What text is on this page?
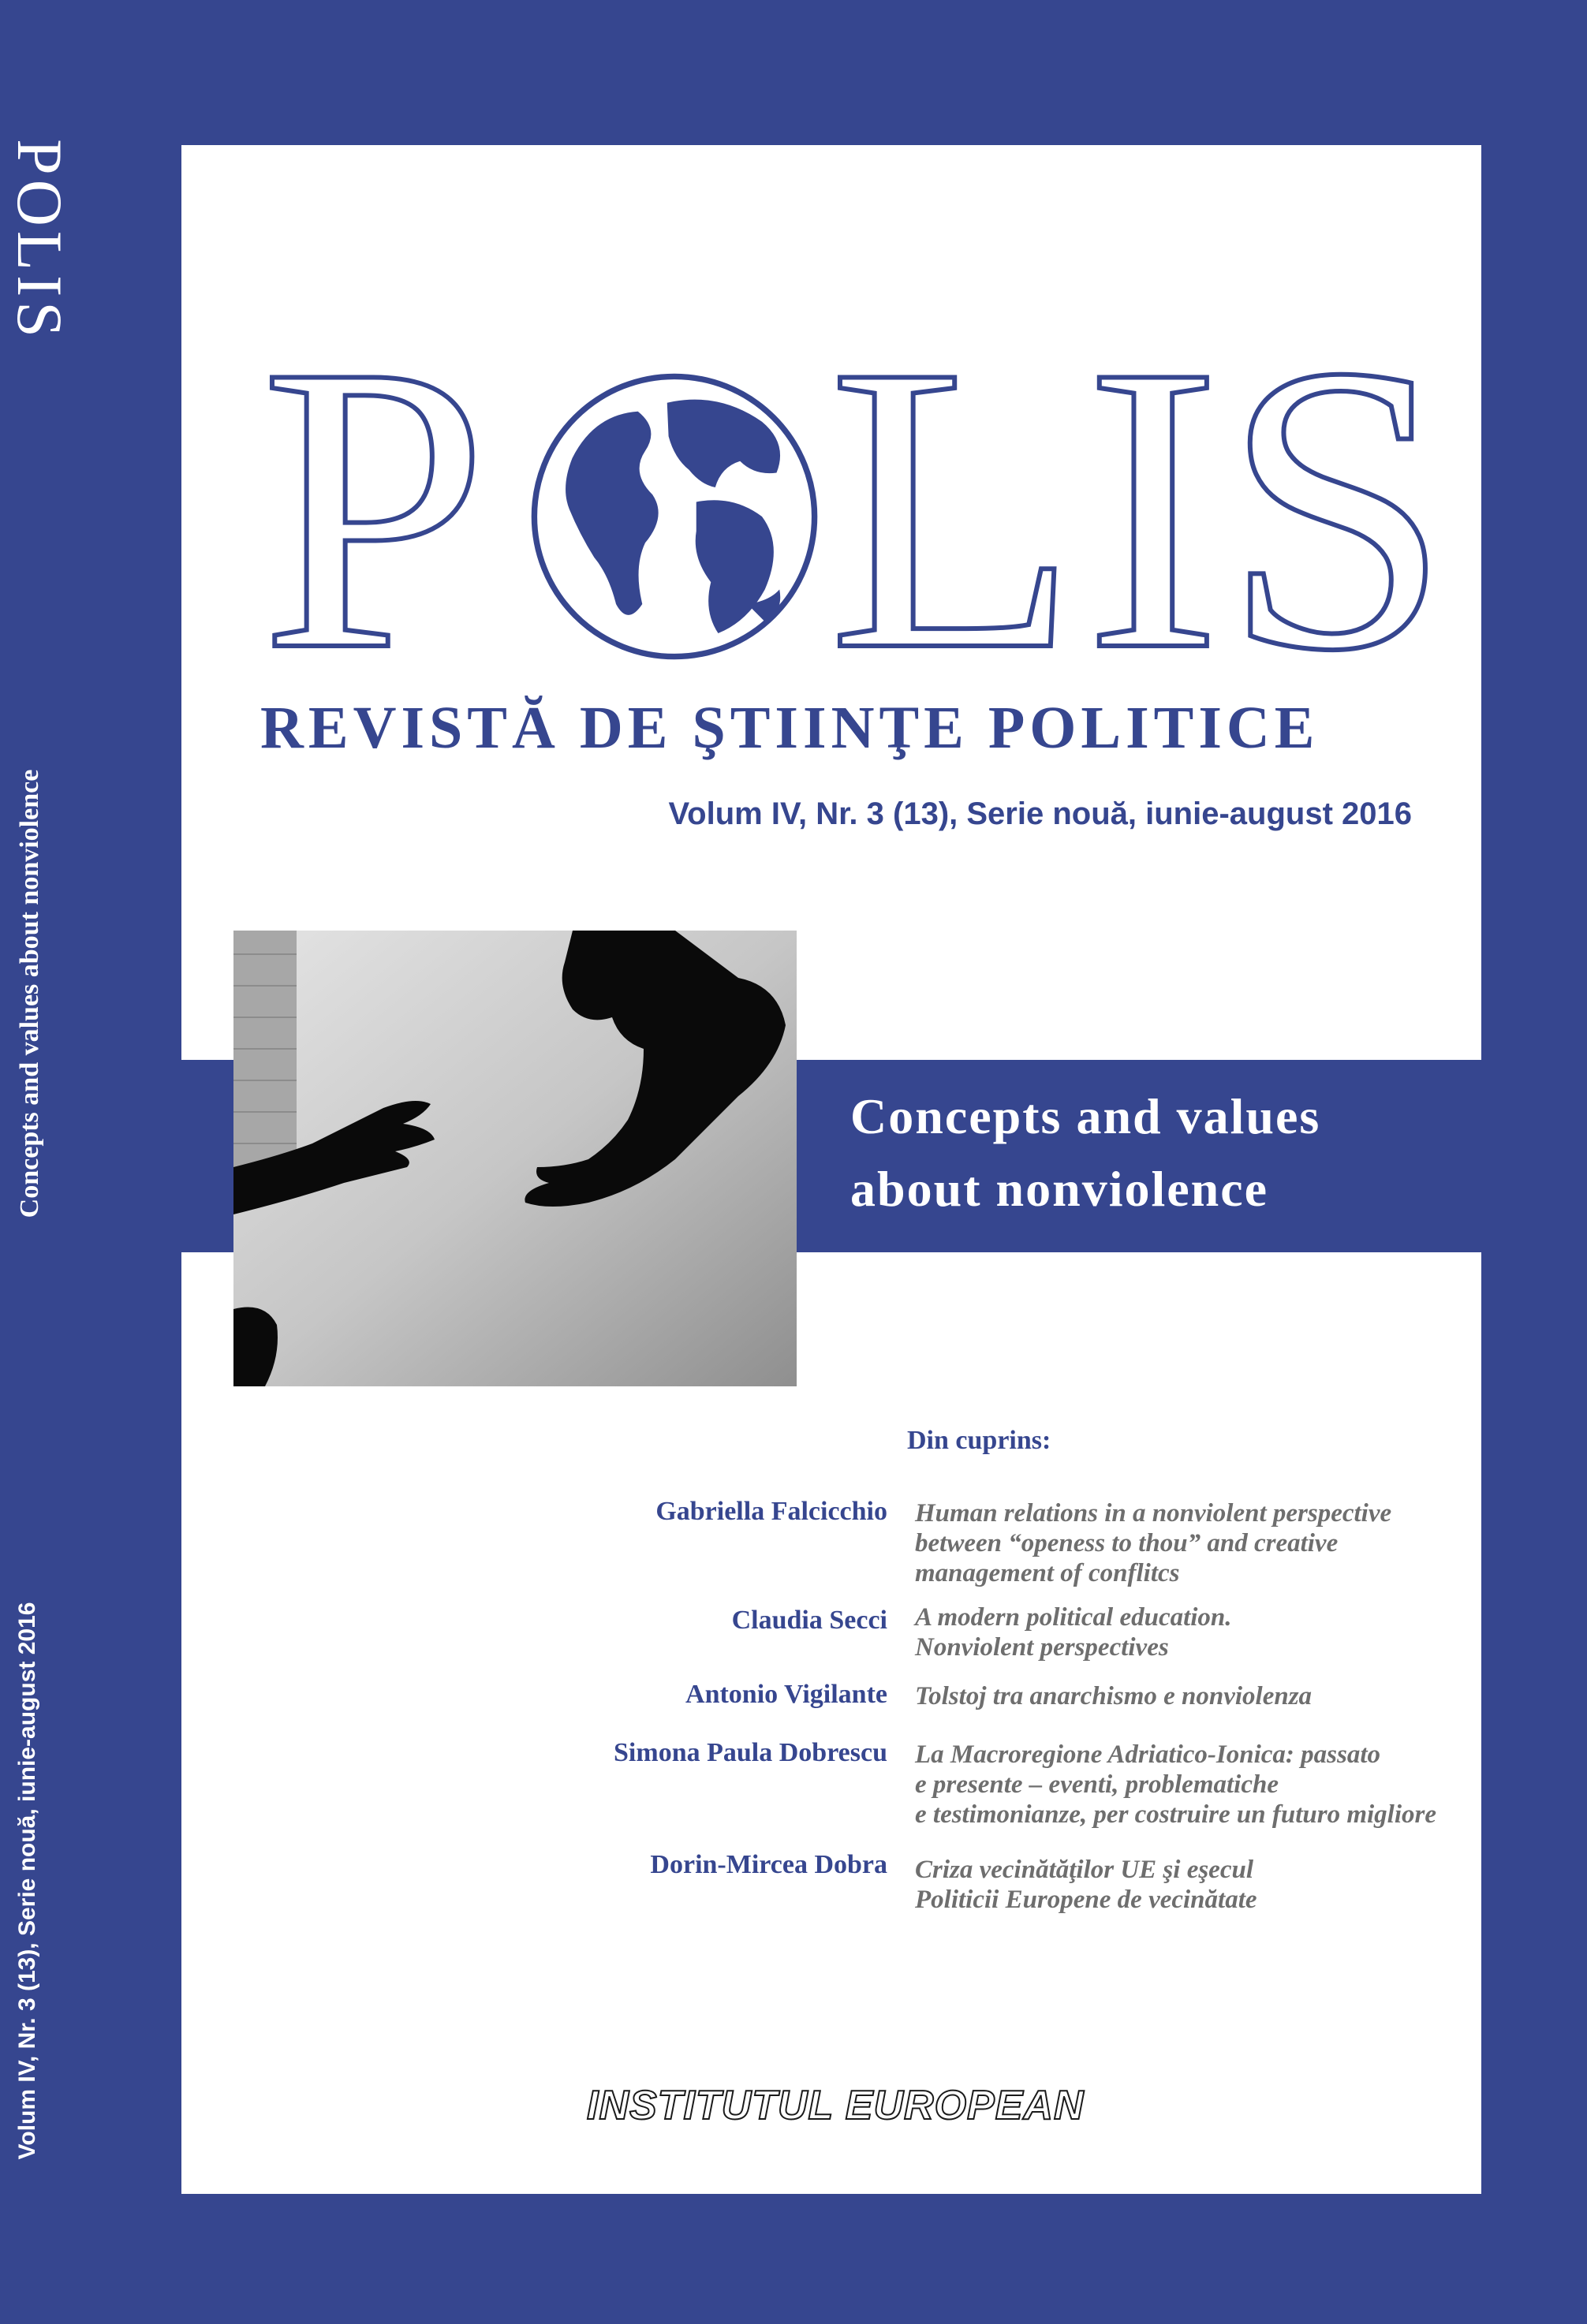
POLIS
Concepts and values about nonviolence
Volum IV, Nr. 3 (13), Serie nouă, iunie-august 2016
P L I S
REVISTĂ DE ŞTIINŢE POLITICE
Volum IV, Nr. 3 (13), Serie nouă, iunie-august 2016
Concepts and values
about nonviolence
Din cuprins:
Gabriella Falcicchio Human relations in a nonviolent perspective
between “openess to thou” and creative
management of conflitcs
Claudia Secci A modern political education.
Nonviolent perspectives
Antonio Vigilante Tolstoj tra anarchismo e nonviolenza
Simona Paula Dobrescu La Macroregione Adriatico-Ionica: passato
e presente – eventi, problematiche
e testimonianze, per costruire un futuro migliore
Dorin-Mircea Dobra Criza vecinătăţilor UE şi eşecul
Politicii Europene de vecinătate
INSTITUTUL EUROPEAN
